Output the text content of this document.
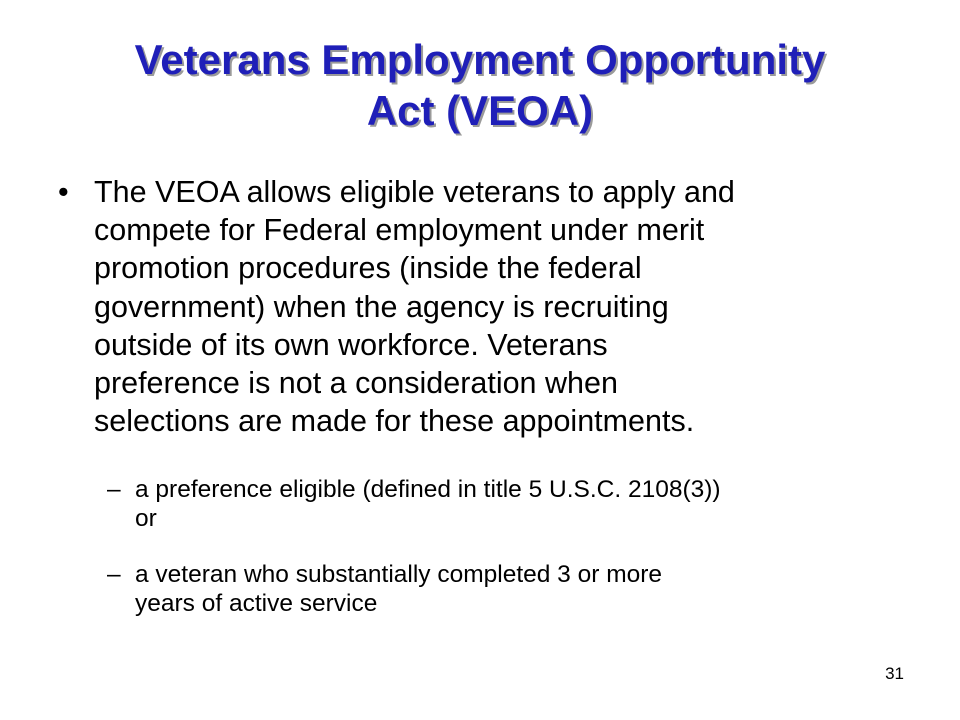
Veterans Employment Opportunity
Act (VEOA)
• The VEOA allows eligible veterans to apply and
compete for Federal employment under merit
promotion procedures (inside the federal
government) when the agency is recruiting
outside of its own workforce. Veterans
preference is not a consideration when
selections are made for these appointments.
– a preference eligible (defined in title 5 U.S.C. 2108(3))
or
– a veteran who substantially completed 3 or more
years of active service
31
